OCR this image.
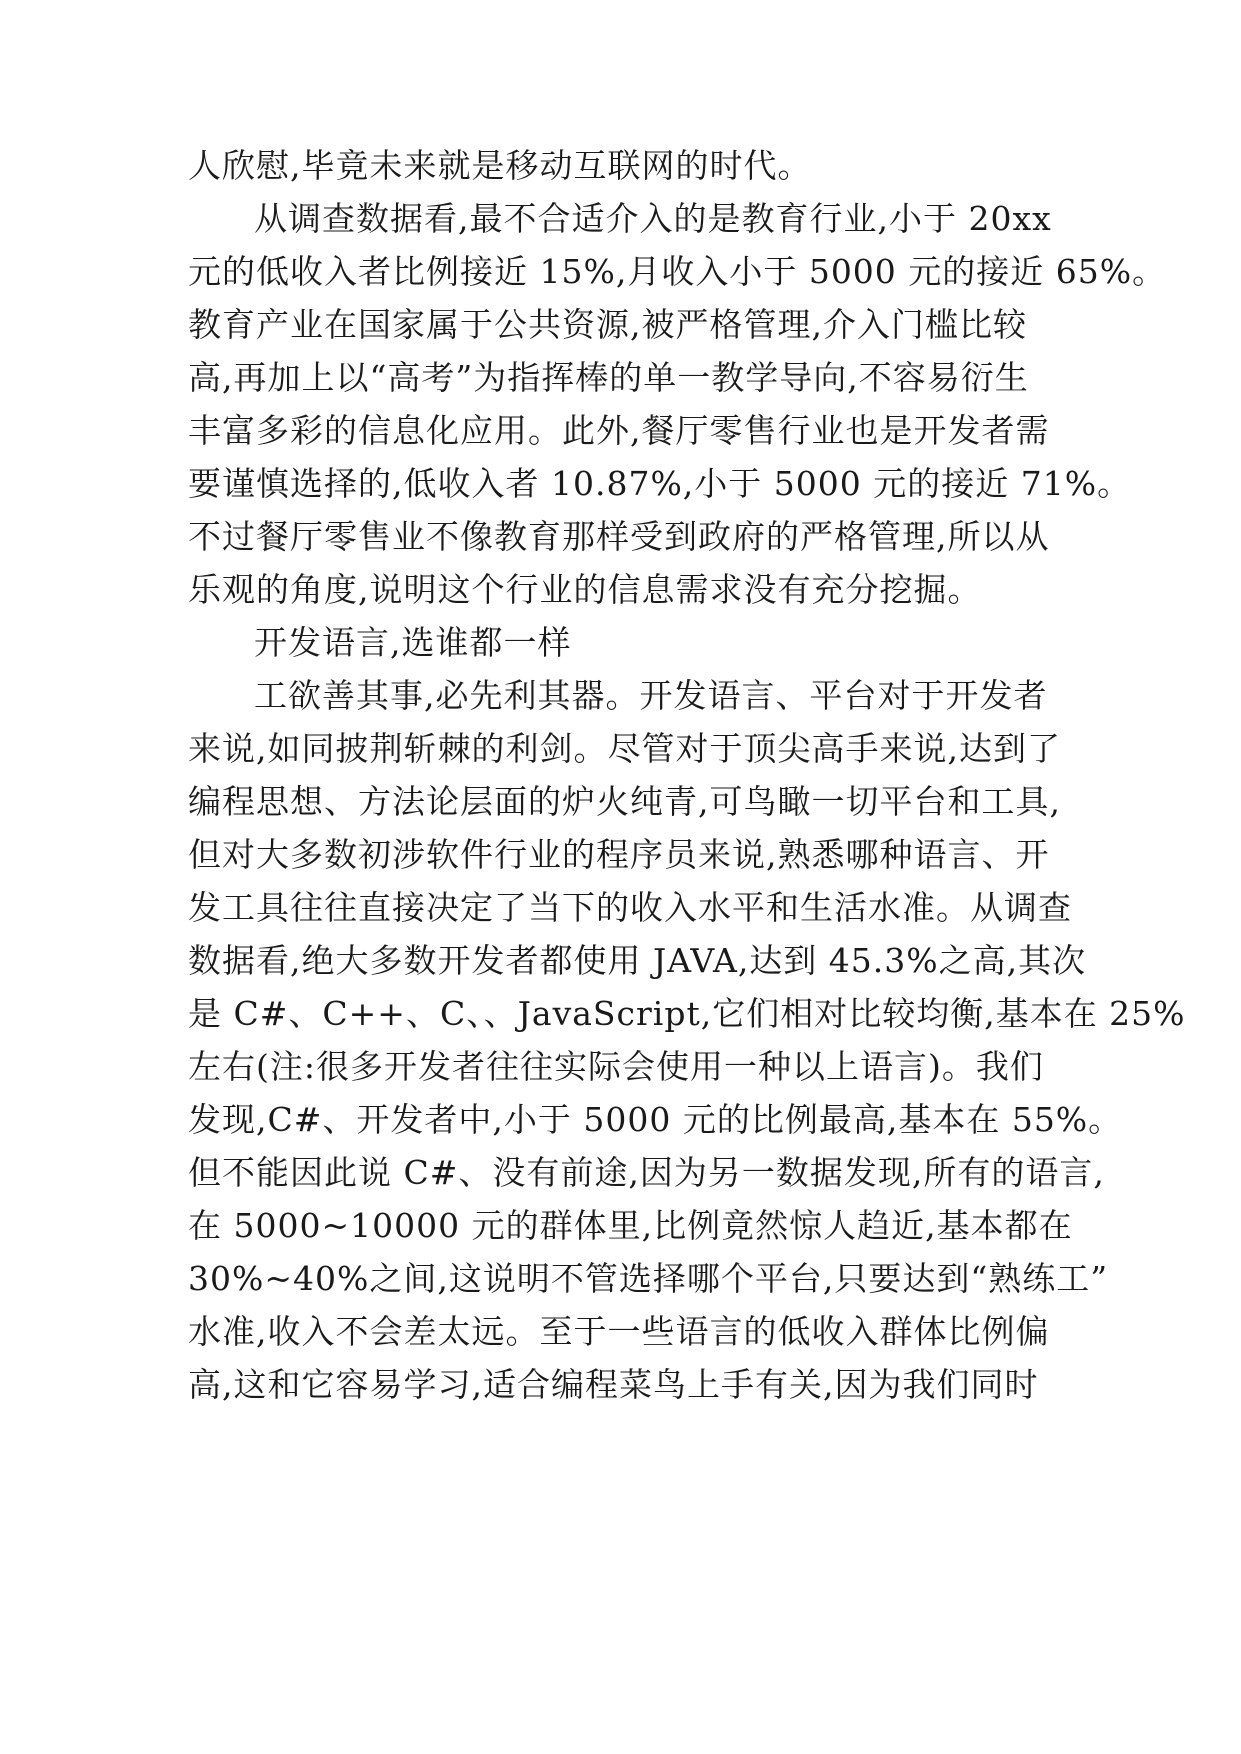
人欣慰,毕竟未来就是移动互联网的时代。
从调查数据看,最不合适介入的是教育行业,小于 20xx
元的低收入者比例接近 15%,月收入小于 5000 元的接近 65%。
教育产业在国家属于公共资源,被严格管理,介入门槛比较
高,再加上以“高考”为指挥棒的单一教学导向,不容易衍生
丰富多彩的信息化应用。此外,餐厅零售行业也是开发者需
要谨慎选择的,低收入者 10.87%,小于 5000 元的接近 71%。
不过餐厅零售业不像教育那样受到政府的严格管理,所以从
乐观的角度,说明这个行业的信息需求没有充分挖掘。
开发语言,选谁都一样
工欲善其事,必先利其器。开发语言、平台对于开发者
来说,如同披荆斩棘的利剑。尽管对于顶尖高手来说,达到了
编程思想、方法论层面的炉火纯青,可鸟瞰一切平台和工具,
但对大多数初涉软件行业的程序员来说,熟悉哪种语言、开
发工具往往直接决定了当下的收入水平和生活水准。从调查
数据看,绝大多数开发者都使用 JAVA,达到 45.3%之高,其次
是 C#、C++、C、、JavaScript,它们相对比较均衡,基本在 25%
左右(注:很多开发者往往实际会使用一种以上语言)。我们
发现,C#、开发者中,小于 5000 元的比例最高,基本在 55%。
但不能因此说 C#、没有前途,因为另一数据发现,所有的语言,
在 5000~10000 元的群体里,比例竟然惊人趋近,基本都在
30%~40%之间,这说明不管选择哪个平台,只要达到“熟练工”
水准,收入不会差太远。至于一些语言的低收入群体比例偏
高,这和它容易学习,适合编程菜鸟上手有关,因为我们同时
